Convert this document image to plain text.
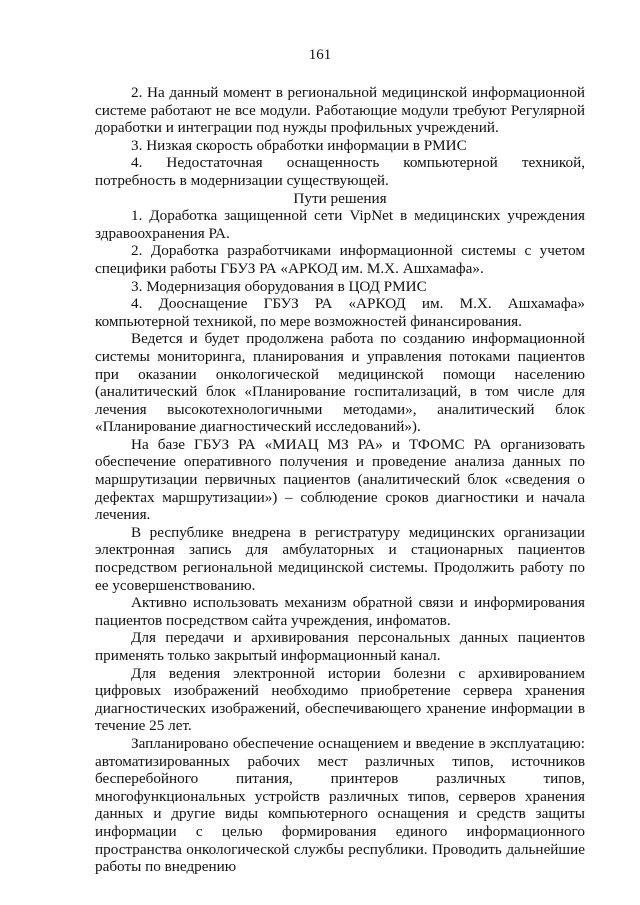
161

2. На данный момент в региональной медицинской информационной системе работают не все модули. Работающие модули требуют Регулярной доработки и интеграции под нужды профильных учреждений.

3. Низкая скорость обработки информации в РМИС

4. Недостаточная оснащенность компьютерной техникой, потребность в модернизации существующей.

Пути решения

1. Доработка защищенной сети VipNet в медицинских учреждения здравоохранения РА.

2. Доработка разработчиками информационной системы с учетом специфики работы ГБУЗ РА «АРКОД им. М.Х. Ашхамафа».

3. Модернизация оборудования в ЦОД РМИС

4. Дооснащение ГБУЗ РА «АРКОД им. М.Х. Ашхамафа» компьютерной техникой, по мере возможностей финансирования.

Ведется и будет продолжена работа по созданию информационной системы мониторинга, планирования и управления потоками пациентов при оказании онкологической медицинской помощи населению (аналитический блок «Планирование госпитализаций, в том числе для лечения высокотехнологичными методами», аналитический блок «Планирование диагностический исследований»).

На базе ГБУЗ РА «МИАЦ МЗ РА» и ТФОМС РА организовать обеспечение оперативного получения и проведение анализа данных по маршрутизации первичных пациентов (аналитический блок «сведения о дефектах маршрутизации») – соблюдение сроков диагностики и начала лечения.

В республике внедрена в регистратуру медицинских организации электронная запись для амбулаторных и стационарных пациентов посредством региональной медицинской системы. Продолжить работу по ее усовершенствованию.

Активно использовать механизм обратной связи и информирования пациентов посредством сайта учреждения, инфоматов.

Для передачи и архивирования персональных данных пациентов применять только закрытый информационный канал.

Для ведения электронной истории болезни с архивированием цифровых изображений необходимо приобретение сервера хранения диагностических изображений, обеспечивающего хранение информации в течение 25 лет.

Запланировано обеспечение оснащением и введение в эксплуатацию: автоматизированных рабочих мест различных типов, источников бесперебойного питания, принтеров различных типов, многофункциональных устройств различных типов, серверов хранения данных и другие виды компьютерного оснащения и средств защиты информации с целью формирования единого информационного пространства онкологической службы республики. Проводить дальнейшие работы по внедрению
